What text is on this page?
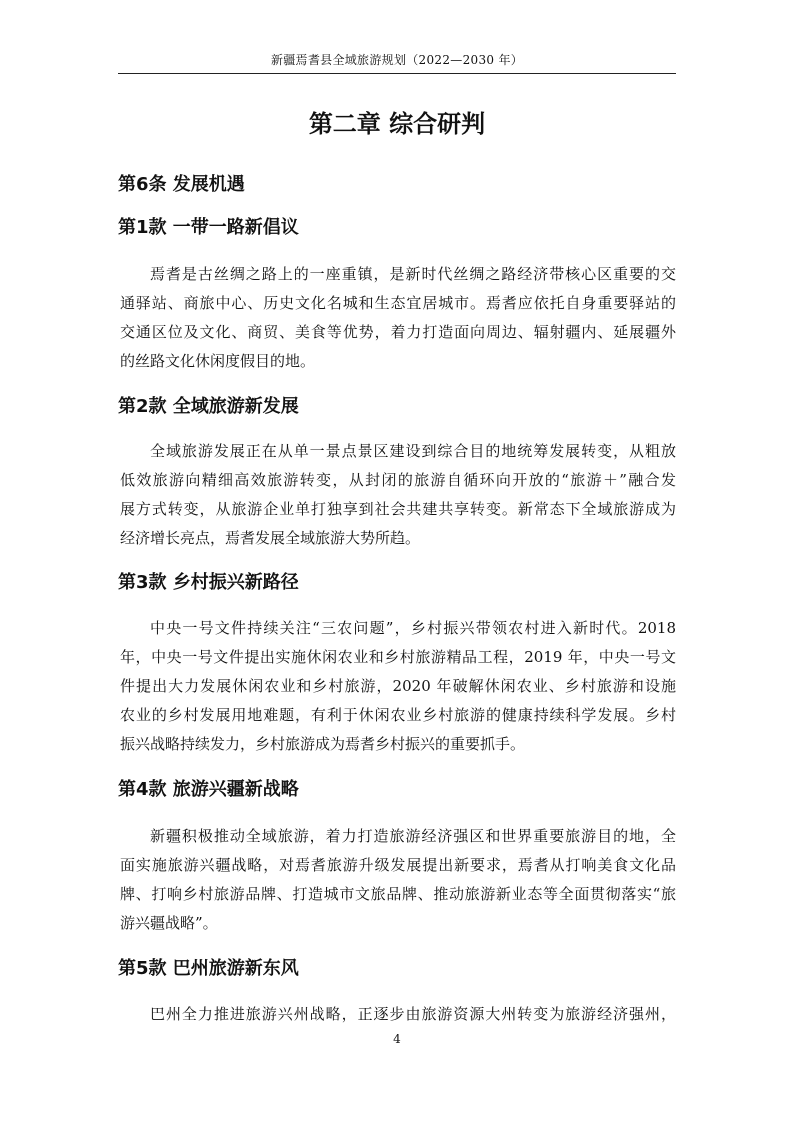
新疆焉耆县全域旅游规划（2022—2030 年）
第二章 综合研判
第6条 发展机遇
第1款 一带一路新倡议
焉耆是古丝绸之路上的一座重镇，是新时代丝绸之路经济带核心区重要的交
通驿站、商旅中心、历史文化名城和生态宜居城市。焉耆应依托自身重要驿站的
交通区位及文化、商贸、美食等优势，着力打造面向周边、辐射疆内、延展疆外
的丝路文化休闲度假目的地。
第2款 全域旅游新发展
全域旅游发展正在从单一景点景区建设到综合目的地统筹发展转变，从粗放
低效旅游向精细高效旅游转变，从封闭的旅游自循环向开放的“旅游＋”融合发
展方式转变，从旅游企业单打独享到社会共建共享转变。新常态下全域旅游成为
经济增长亮点，焉耆发展全域旅游大势所趋。
第3款 乡村振兴新路径
中央一号文件持续关注“三农问题”，乡村振兴带领农村进入新时代。2018
年，中央一号文件提出实施休闲农业和乡村旅游精品工程，2019 年，中央一号文
件提出大力发展休闲农业和乡村旅游，2020 年破解休闲农业、乡村旅游和设施
农业的乡村发展用地难题，有利于休闲农业乡村旅游的健康持续科学发展。乡村
振兴战略持续发力，乡村旅游成为焉耆乡村振兴的重要抓手。
第4款 旅游兴疆新战略
新疆积极推动全域旅游，着力打造旅游经济强区和世界重要旅游目的地，全
面实施旅游兴疆战略，对焉耆旅游升级发展提出新要求，焉耆从打响美食文化品
牌、打响乡村旅游品牌、打造城市文旅品牌、推动旅游新业态等全面贯彻落实“旅
游兴疆战略”。
第5款 巴州旅游新东风
巴州全力推进旅游兴州战略，正逐步由旅游资源大州转变为旅游经济强州，
4
